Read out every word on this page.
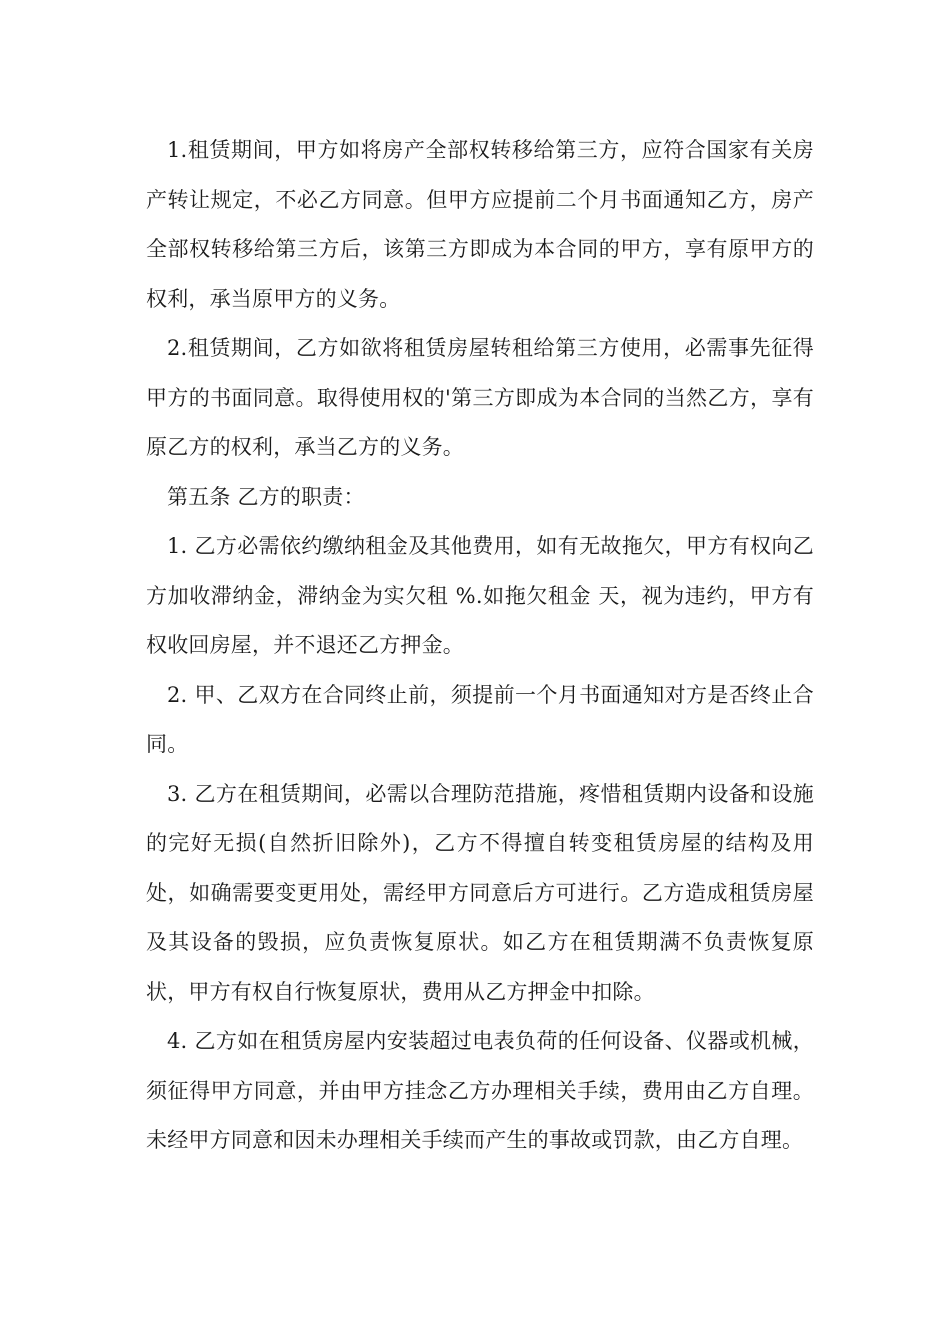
1.租赁期间，甲方如将房产全部权转移给第三方，应符合国家有关房产转让规定，不必乙方同意。但甲方应提前二个月书面通知乙方，房产全部权转移给第三方后，该第三方即成为本合同的甲方，享有原甲方的权利，承当原甲方的义务。

2.租赁期间，乙方如欲将租赁房屋转租给第三方使用，必需事先征得甲方的书面同意。取得使用权的'第三方即成为本合同的当然乙方，享有原乙方的权利，承当乙方的义务。

第五条 乙方的职责：

1. 乙方必需依约缴纳租金及其他费用，如有无故拖欠，甲方有权向乙方加收滞纳金，滞纳金为实欠租 %.如拖欠租金 天，视为违约，甲方有权收回房屋，并不退还乙方押金。

2. 甲、乙双方在合同终止前，须提前一个月书面通知对方是否终止合同。

3. 乙方在租赁期间，必需以合理防范措施，疼惜租赁期内设备和设施的完好无损(自然折旧除外)，乙方不得擅自转变租赁房屋的结构及用处，如确需要变更用处，需经甲方同意后方可进行。乙方造成租赁房屋及其设备的毁损，应负责恢复原状。如乙方在租赁期满不负责恢复原状，甲方有权自行恢复原状，费用从乙方押金中扣除。

4. 乙方如在租赁房屋内安装超过电表负荷的任何设备、仪器或机械，须征得甲方同意，并由甲方挂念乙方办理相关手续，费用由乙方自理。 未经甲方同意和因未办理相关手续而产生的事故或罚款，由乙方自理。
